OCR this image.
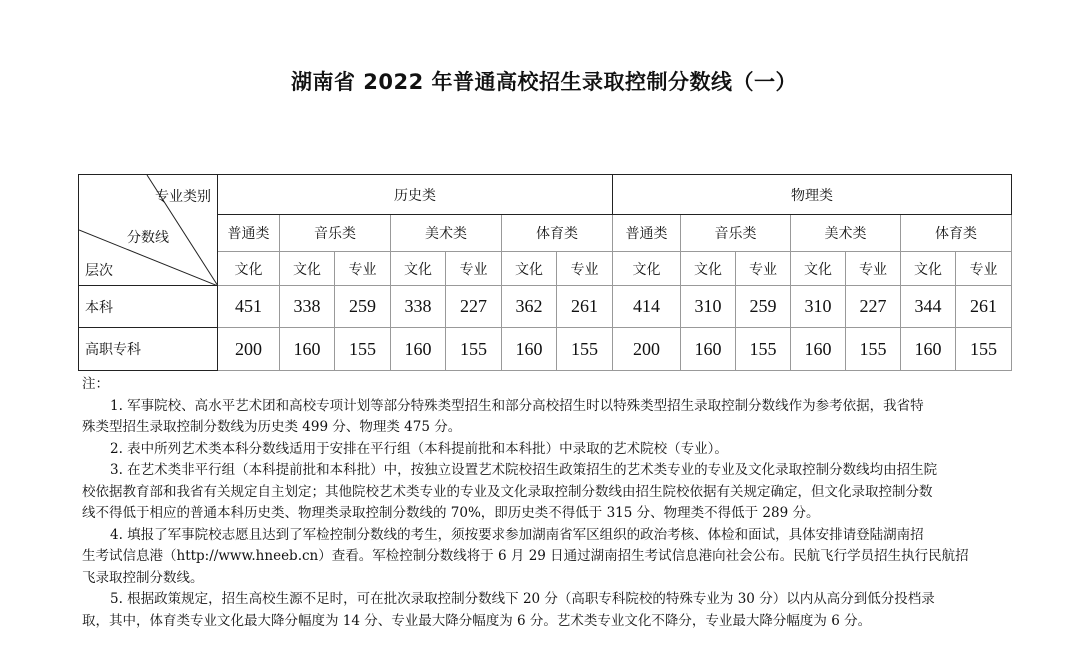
湖南省 2022 年普通高校招生录取控制分数线（一）
专业类别
分数线
层次	历史类							物理类						
	普通类	音乐类		美术类		体育类		普通类	音乐类		美术类		体育类	
	文化	文化	专业	文化	专业	文化	专业	文化	文化	专业	文化	专业	文化	专业
本科	451	338	259	338	227	362	261	414	310	259	310	227	344	261
高职专科	200	160	155	160	155	160	155	200	160	155	160	155	160	155
注：
1. 军事院校、高水平艺术团和高校专项计划等部分特殊类型招生和部分高校招生时以特殊类型招生录取控制分数线作为参考依据，我省特
殊类型招生录取控制分数线为历史类 499 分、物理类 475 分。
2. 表中所列艺术类本科分数线适用于安排在平行组（本科提前批和本科批）中录取的艺术院校（专业）。
3. 在艺术类非平行组（本科提前批和本科批）中，按独立设置艺术院校招生政策招生的艺术类专业的专业及文化录取控制分数线均由招生院
校依据教育部和我省有关规定自主划定；其他院校艺术类专业的专业及文化录取控制分数线由招生院校依据有关规定确定，但文化录取控制分数
线不得低于相应的普通本科历史类、物理类录取控制分数线的 70%，即历史类不得低于 315 分、物理类不得低于 289 分。
4. 填报了军事院校志愿且达到了军检控制分数线的考生，须按要求参加湖南省军区组织的政治考核、体检和面试，具体安排请登陆湖南招
生考试信息港（http://www.hneeb.cn）查看。军检控制分数线将于 6 月 29 日通过湖南招生考试信息港向社会公布。民航飞行学员招生执行民航招
飞录取控制分数线。
5. 根据政策规定，招生高校生源不足时，可在批次录取控制分数线下 20 分（高职专科院校的特殊专业为 30 分）以内从高分到低分投档录
取，其中，体育类专业文化最大降分幅度为 14 分、专业最大降分幅度为 6 分。艺术类专业文化不降分，专业最大降分幅度为 6 分。
